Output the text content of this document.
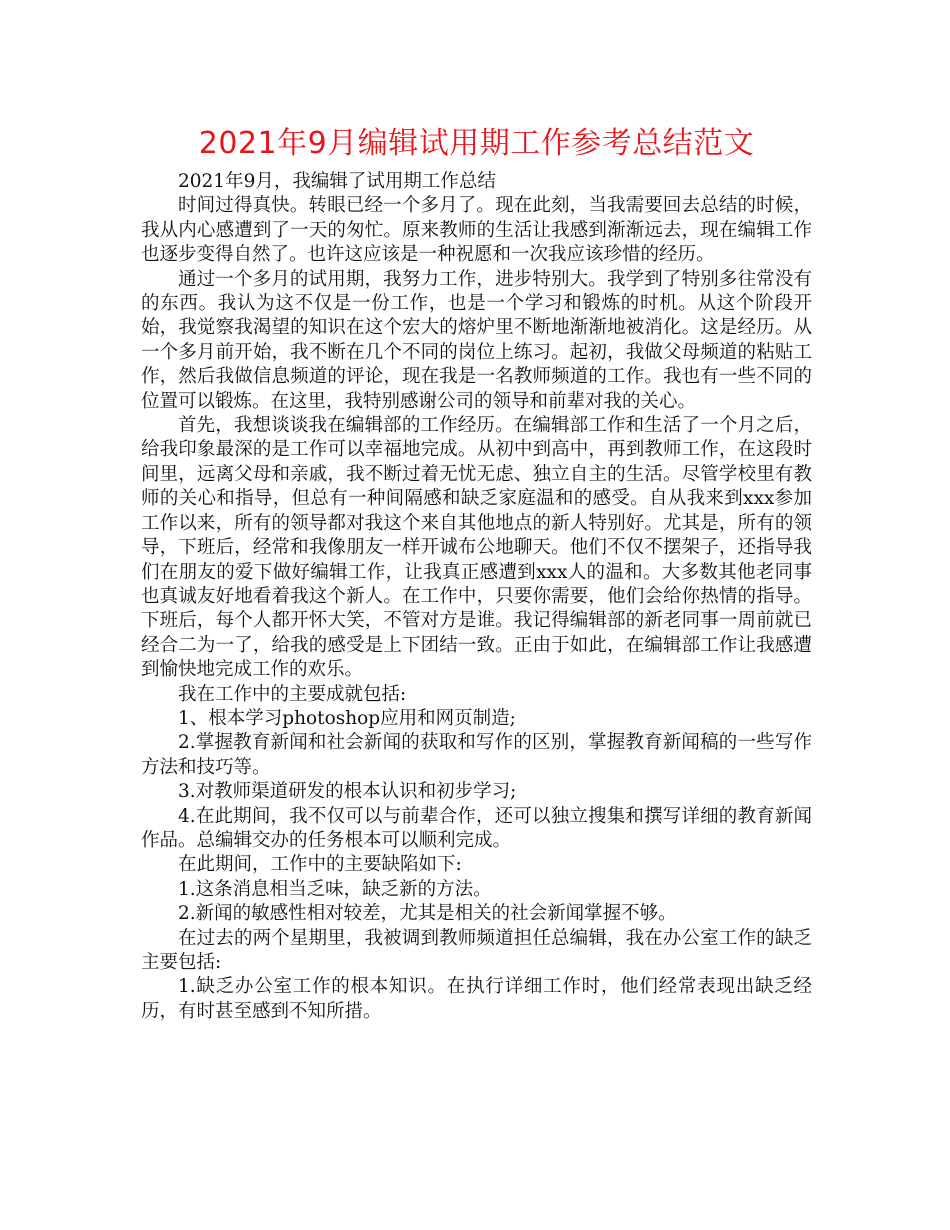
2021年9月编辑试用期工作参考总结范文

2021年9月，我编辑了试用期工作总结

时间过得真快。转眼已经一个多月了。现在此刻，当我需要回去总结的时候，我从内心感遭到了一天的匆忙。原来教师的生活让我感到渐渐远去，现在编辑工作也逐步变得自然了。也许这应该是一种祝愿和一次我应该珍惜的经历。

通过一个多月的试用期，我努力工作，进步特别大。我学到了特别多往常没有的东西。我认为这不仅是一份工作，也是一个学习和锻炼的时机。从这个阶段开始，我觉察我渴望的知识在这个宏大的熔炉里不断地渐渐地被消化。这是经历。从一个多月前开始，我不断在几个不同的岗位上练习。起初，我做父母频道的粘贴工作，然后我做信息频道的评论，现在我是一名教师频道的工作。我也有一些不同的位置可以锻炼。在这里，我特别感谢公司的领导和前辈对我的关心。

首先，我想谈谈我在编辑部的工作经历。在编辑部工作和生活了一个月之后，给我印象最深的是工作可以幸福地完成。从初中到高中，再到教师工作，在这段时间里，远离父母和亲戚，我不断过着无忧无虑、独立自主的生活。尽管学校里有教师的关心和指导，但总有一种间隔感和缺乏家庭温和的感受。自从我来到xxx参加工作以来，所有的领导都对我这个来自其他地点的新人特别好。尤其是，所有的领导，下班后，经常和我像朋友一样开诚布公地聊天。他们不仅不摆架子，还指导我们在朋友的爱下做好编辑工作，让我真正感遭到xxx人的温和。大多数其他老同事也真诚友好地看着我这个新人。在工作中，只要你需要，他们会给你热情的指导。下班后，每个人都开怀大笑，不管对方是谁。我记得编辑部的新老同事一周前就已经合二为一了，给我的感受是上下团结一致。正由于如此，在编辑部工作让我感遭到愉快地完成工作的欢乐。

我在工作中的主要成就包括:

1、根本学习photoshop应用和网页制造;

2.掌握教育新闻和社会新闻的获取和写作的区别，掌握教育新闻稿的一些写作方法和技巧等。

3.对教师渠道研发的根本认识和初步学习;

4.在此期间，我不仅可以与前辈合作，还可以独立搜集和撰写详细的教育新闻作品。总编辑交办的任务根本可以顺利完成。

在此期间，工作中的主要缺陷如下:

1.这条消息相当乏味，缺乏新的方法。

2.新闻的敏感性相对较差，尤其是相关的社会新闻掌握不够。

在过去的两个星期里，我被调到教师频道担任总编辑，我在办公室工作的缺乏主要包括:

1.缺乏办公室工作的根本知识。在执行详细工作时，他们经常表现出缺乏经历，有时甚至感到不知所措。
